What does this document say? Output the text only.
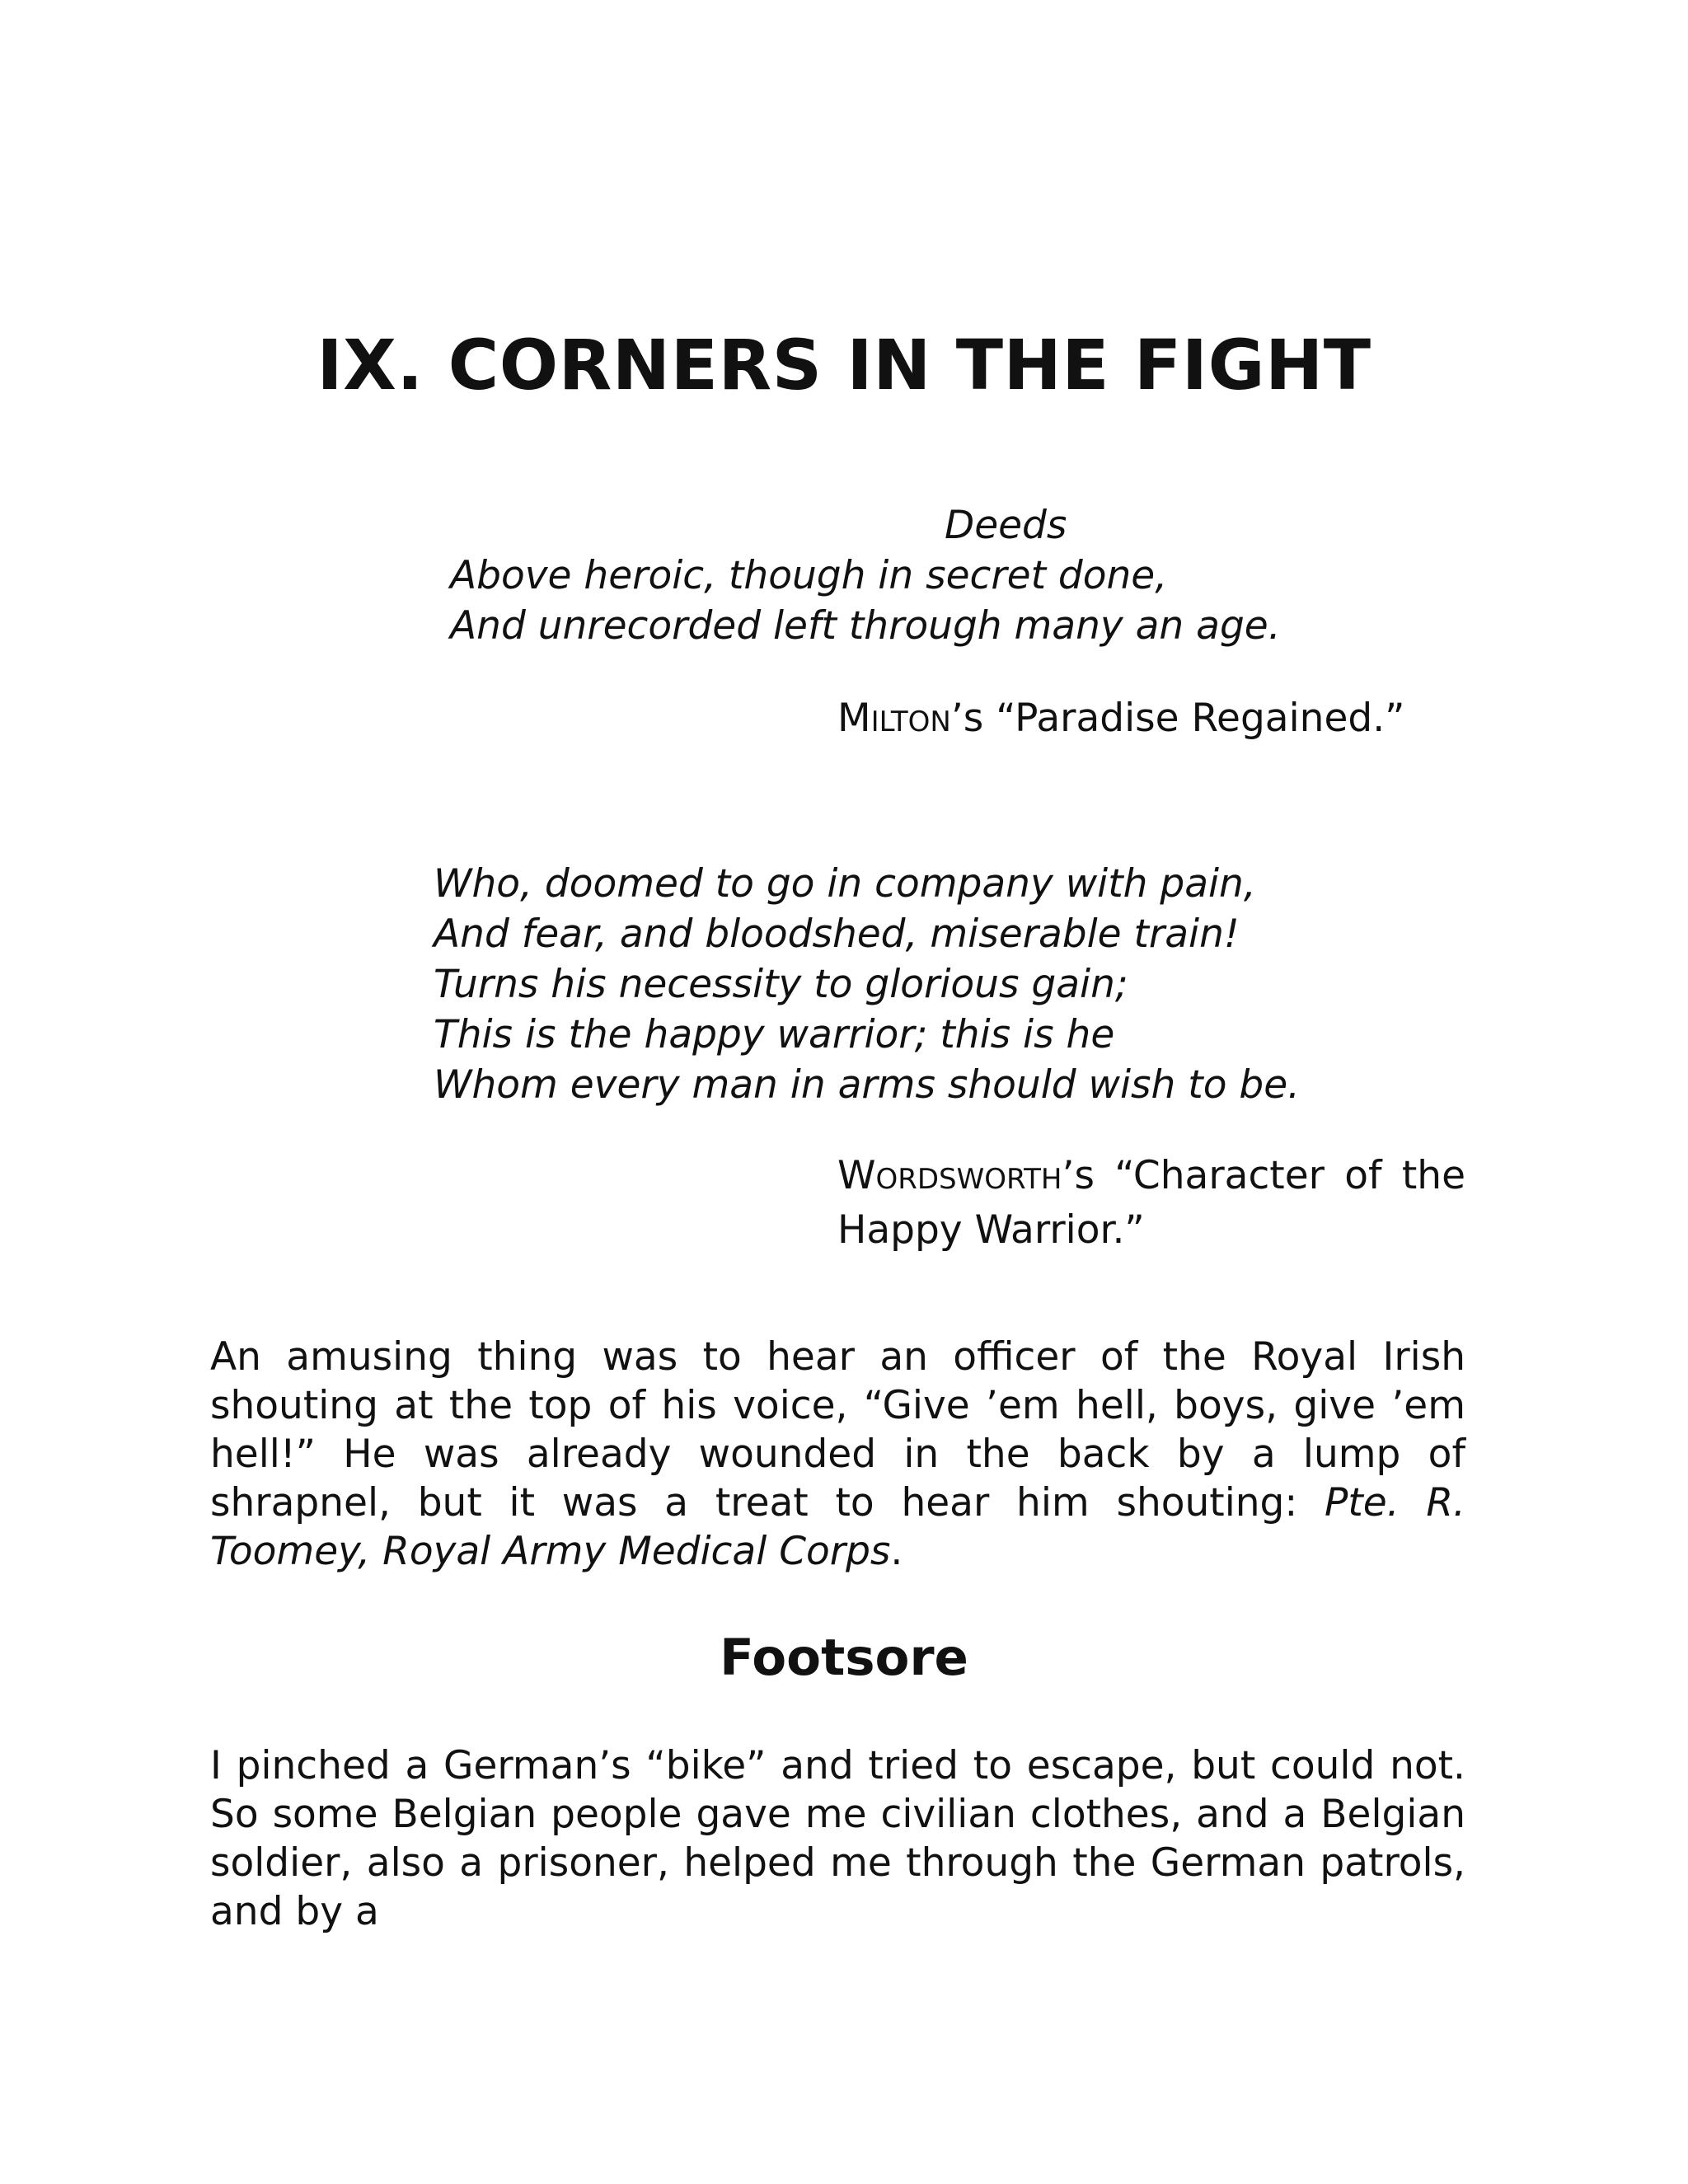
IX. CORNERS IN THE FIGHT
Deeds
Above heroic, though in secret done,
And unrecorded left through many an age.

MILTON’s “Paradise Regained.”

Who, doomed to go in company with pain,
And fear, and bloodshed, miserable train!
Turns his necessity to glorious gain;
This is the happy warrior; this is he
Whom every man in arms should wish to be.

WORDSWORTH’s “Character of the Happy Warrior.”

An amusing thing was to hear an officer of the Royal Irish shouting at the top of his voice, “Give ’em hell, boys, give ’em hell!” He was already wounded in the back by a lump of shrapnel, but it was a treat to hear him shouting: Pte. R. Toomey, Royal Army Medical Corps.

Footsore

I pinched a German’s “bike” and tried to escape, but could not. So some Belgian people gave me civilian clothes, and a Belgian soldier, also a prisoner, helped me through the German patrols, and by a
